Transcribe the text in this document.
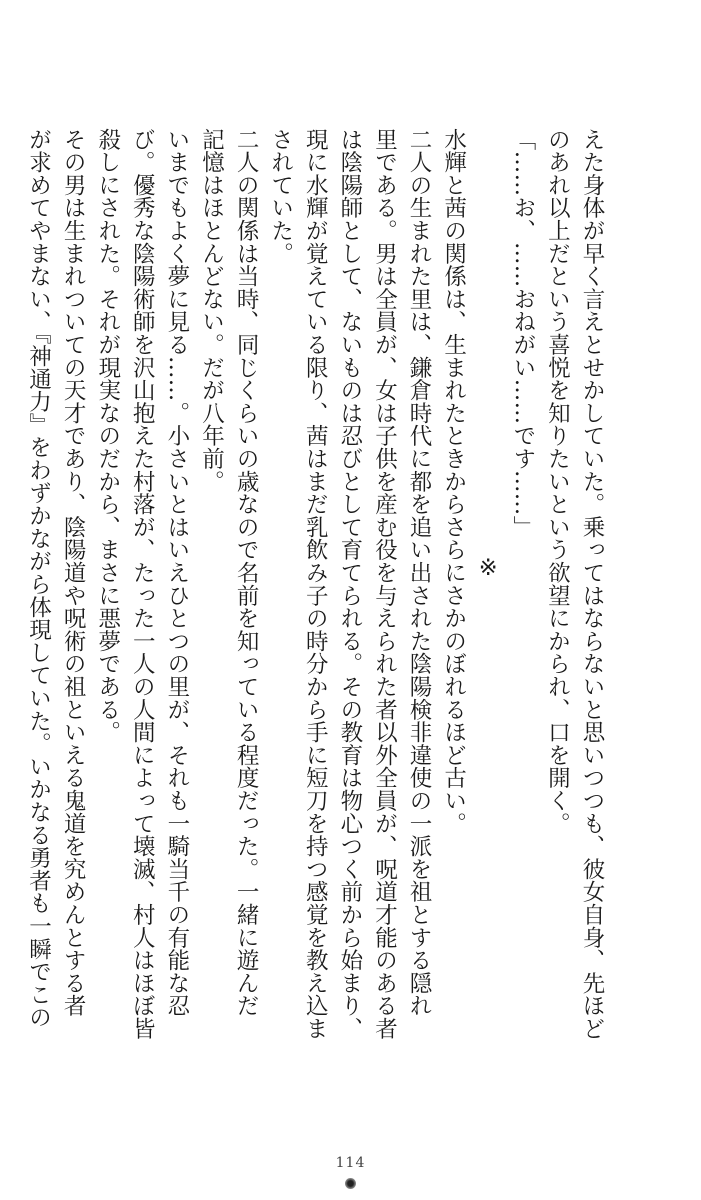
えた身体が早く言えとせかしていた。乗ってはならないと思いつつも、彼女自身、先ほど
のあれ以上だという喜悦を知りたいという欲望にかられ、口を開く。
「……お、……おねがい……です……」
※
水輝と茜の関係は、生まれたときからさらにさかのぼれるほど古い。
二人の生まれた里は、鎌倉時代に都を追い出された陰陽検非違使の一派を祖とする隠れ
里である。男は全員が、女は子供を産む役を与えられた者以外全員が、呪道才能のある者
は陰陽師として、ないものは忍びとして育てられる。その教育は物心つく前から始まり、
現に水輝が覚えている限り、茜はまだ乳飲み子の時分から手に短刀を持つ感覚を教え込ま
されていた。
二人の関係は当時、同じくらいの歳なので名前を知っている程度だった。一緒に遊んだ
記憶はほとんどない。だが八年前。
いまでもよく夢に見る……。小さいとはいえひとつの里が、それも一騎当千の有能な忍
び。優秀な陰陽術師を沢山抱えた村落が、たった一人の人間によって壊滅、村人はほぼ皆
殺しにされた。それが現実なのだから、まさに悪夢である。
その男は生まれついての天才であり、陰陽道や呪術の祖といえる鬼道を究めんとする者
が求めてやまない、『神通力』をわずかながら体現していた。いかなる勇者も一瞬でこの
114
